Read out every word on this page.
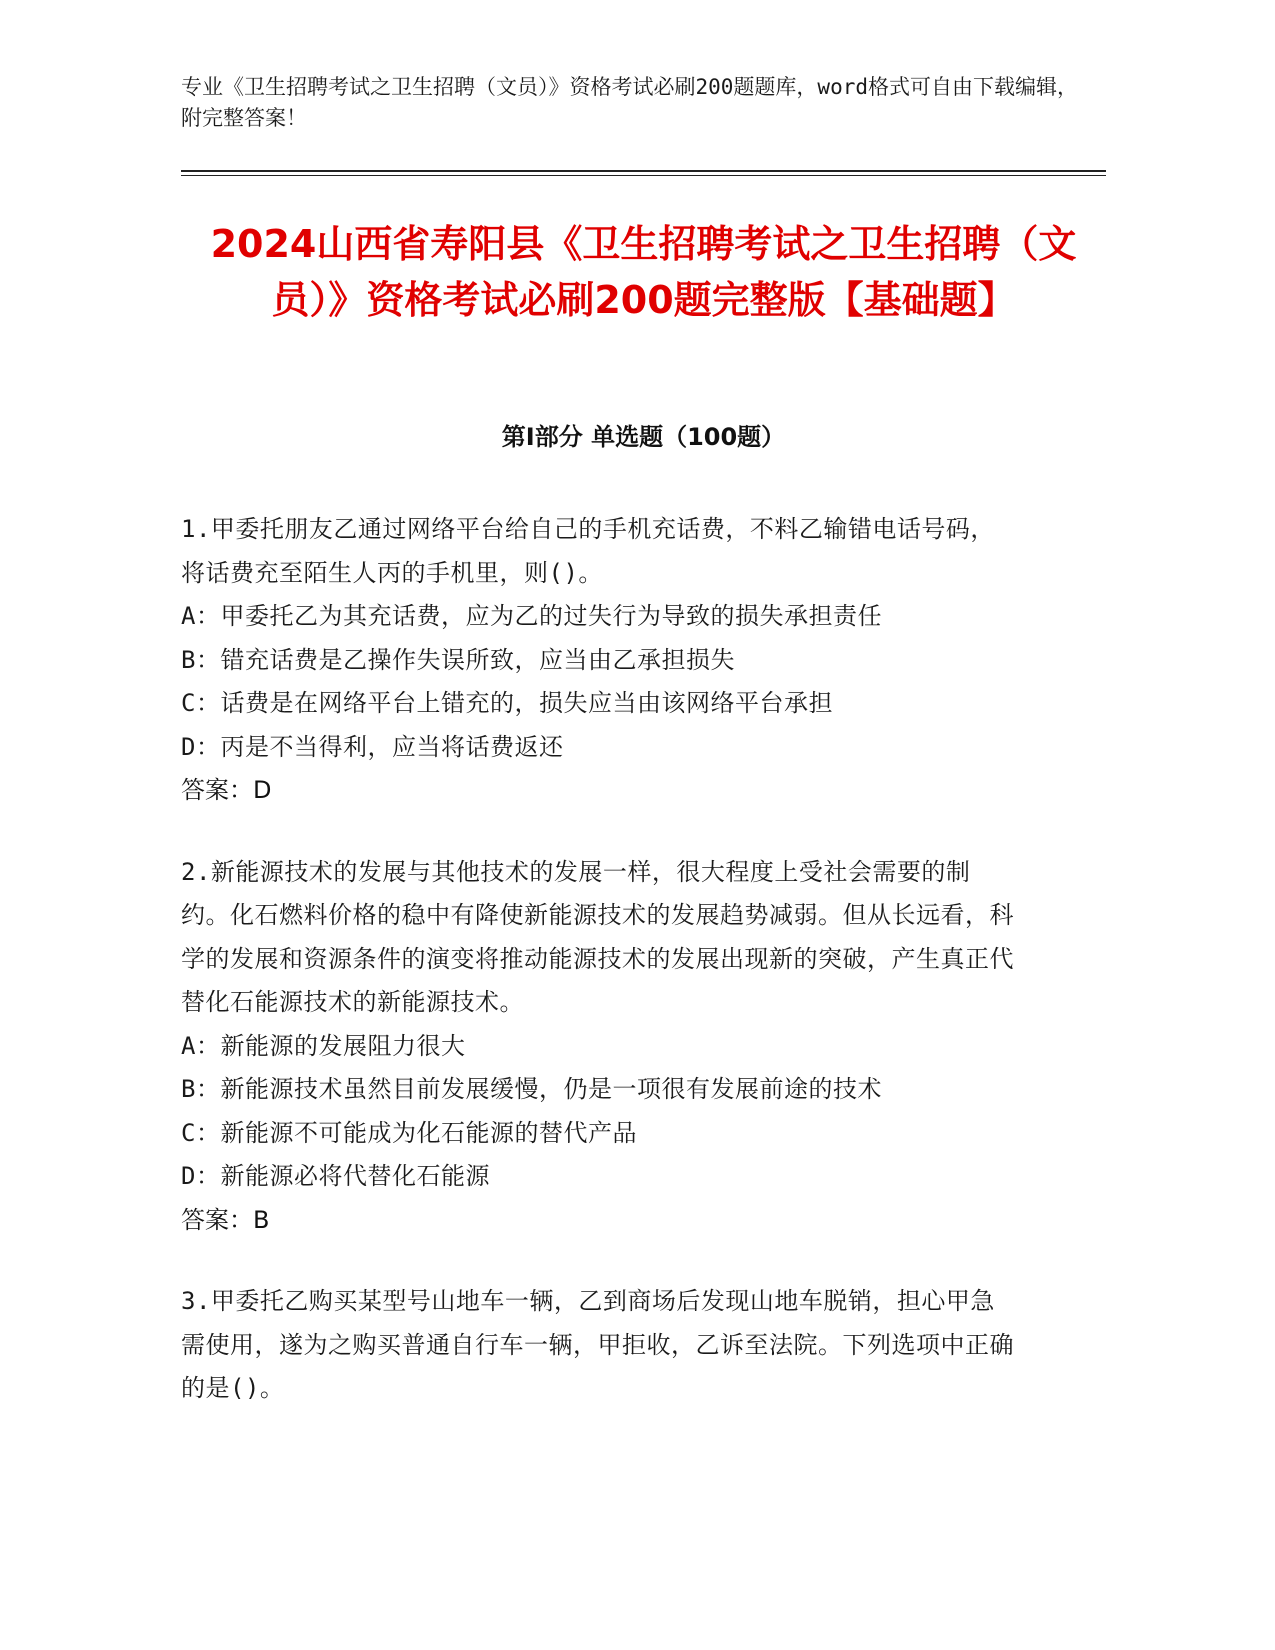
专业《卫生招聘考试之卫生招聘（文员）》资格考试必刷200题题库，word格式可自由下载编辑，附完整答案！

2024山西省寿阳县《卫生招聘考试之卫生招聘（文员）》资格考试必刷200题完整版【基础题】
第Ⅰ部分 单选题（100题）

1.甲委托朋友乙通过网络平台给自己的手机充话费，不料乙输错电话号码，将话费充至陌生人丙的手机里，则()。

A：甲委托乙为其充话费，应为乙的过失行为导致的损失承担责任

B：错充话费是乙操作失误所致，应当由乙承担损失

C：话费是在网络平台上错充的，损失应当由该网络平台承担

D：丙是不当得利，应当将话费返还

答案：D

2.新能源技术的发展与其他技术的发展一样，很大程度上受社会需要的制约。化石燃料价格的稳中有降使新能源技术的发展趋势减弱。但从长远看，科学的发展和资源条件的演变将推动能源技术的发展出现新的突破，产生真正代替化石能源技术的新能源技术。

A：新能源的发展阻力很大

B：新能源技术虽然目前发展缓慢，仍是一项很有发展前途的技术

C：新能源不可能成为化石能源的替代产品

D：新能源必将代替化石能源

答案：B

3.甲委托乙购买某型号山地车一辆，乙到商场后发现山地车脱销，担心甲急需使用，遂为之购买普通自行车一辆，甲拒收，乙诉至法院。下列选项中正确的是()。
